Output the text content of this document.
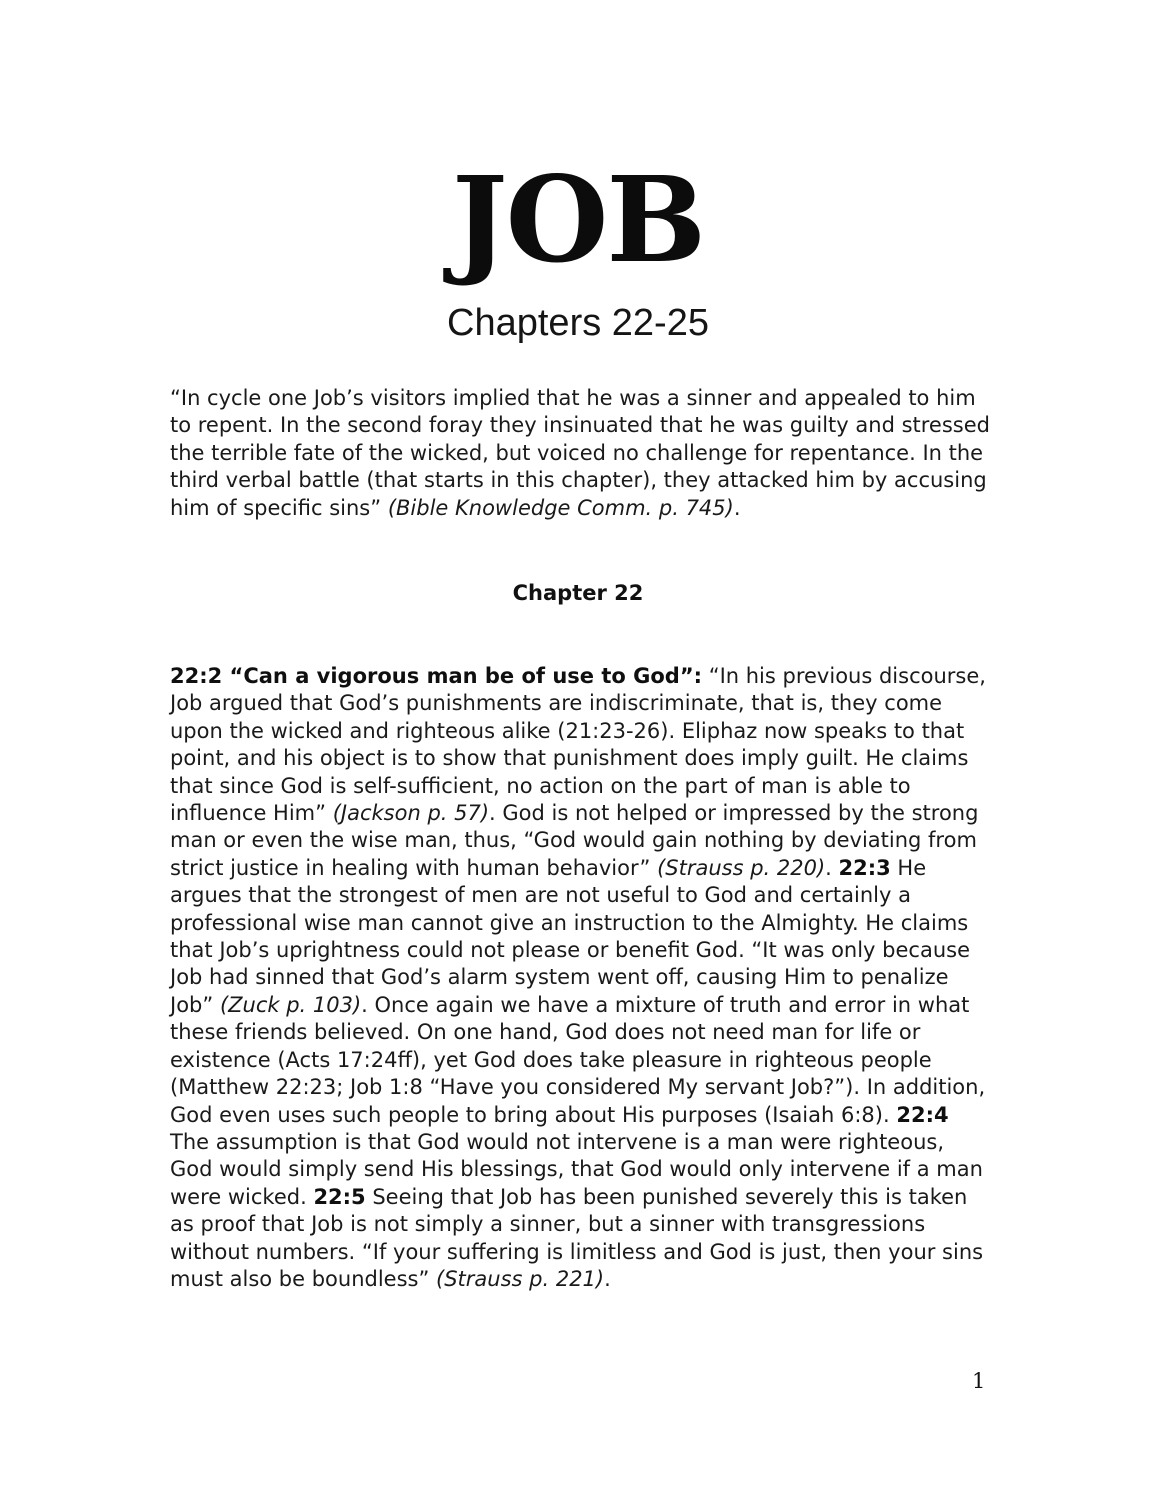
JOB
Chapters 22-25

“In cycle one Job’s visitors implied that he was a sinner and appealed to him to repent. In the second foray they insinuated that he was guilty and stressed the terrible fate of the wicked, but voiced no challenge for repentance. In the third verbal battle (that starts in this chapter), they attacked him by accusing him of specific sins” (Bible Knowledge Comm. p. 745).

Chapter 22

22:2 “Can a vigorous man be of use to God”: “In his previous discourse, Job argued that God’s punishments are indiscriminate, that is, they come upon the wicked and righteous alike (21:23-26). Eliphaz now speaks to that point, and his object is to show that punishment does imply guilt. He claims that since God is self-sufficient, no action on the part of man is able to influence Him” (Jackson p. 57). God is not helped or impressed by the strong man or even the wise man, thus, “God would gain nothing by deviating from strict justice in healing with human behavior” (Strauss p. 220). 22:3 He argues that the strongest of men are not useful to God and certainly a professional wise man cannot give an instruction to the Almighty. He claims that Job’s uprightness could not please or benefit God. “It was only because Job had sinned that God’s alarm system went off, causing Him to penalize Job” (Zuck p. 103). Once again we have a mixture of truth and error in what these friends believed. On one hand, God does not need man for life or existence (Acts 17:24ff), yet God does take pleasure in righteous people (Matthew 22:23; Job 1:8 “Have you considered My servant Job?”). In addition, God even uses such people to bring about His purposes (Isaiah 6:8). 22:4 The assumption is that God would not intervene is a man were righteous, God would simply send His blessings, that God would only intervene if a man were wicked. 22:5 Seeing that Job has been punished severely this is taken as proof that Job is not simply a sinner, but a sinner with transgressions without numbers. “If your suffering is limitless and God is just, then your sins must also be boundless” (Strauss p. 221).

1
